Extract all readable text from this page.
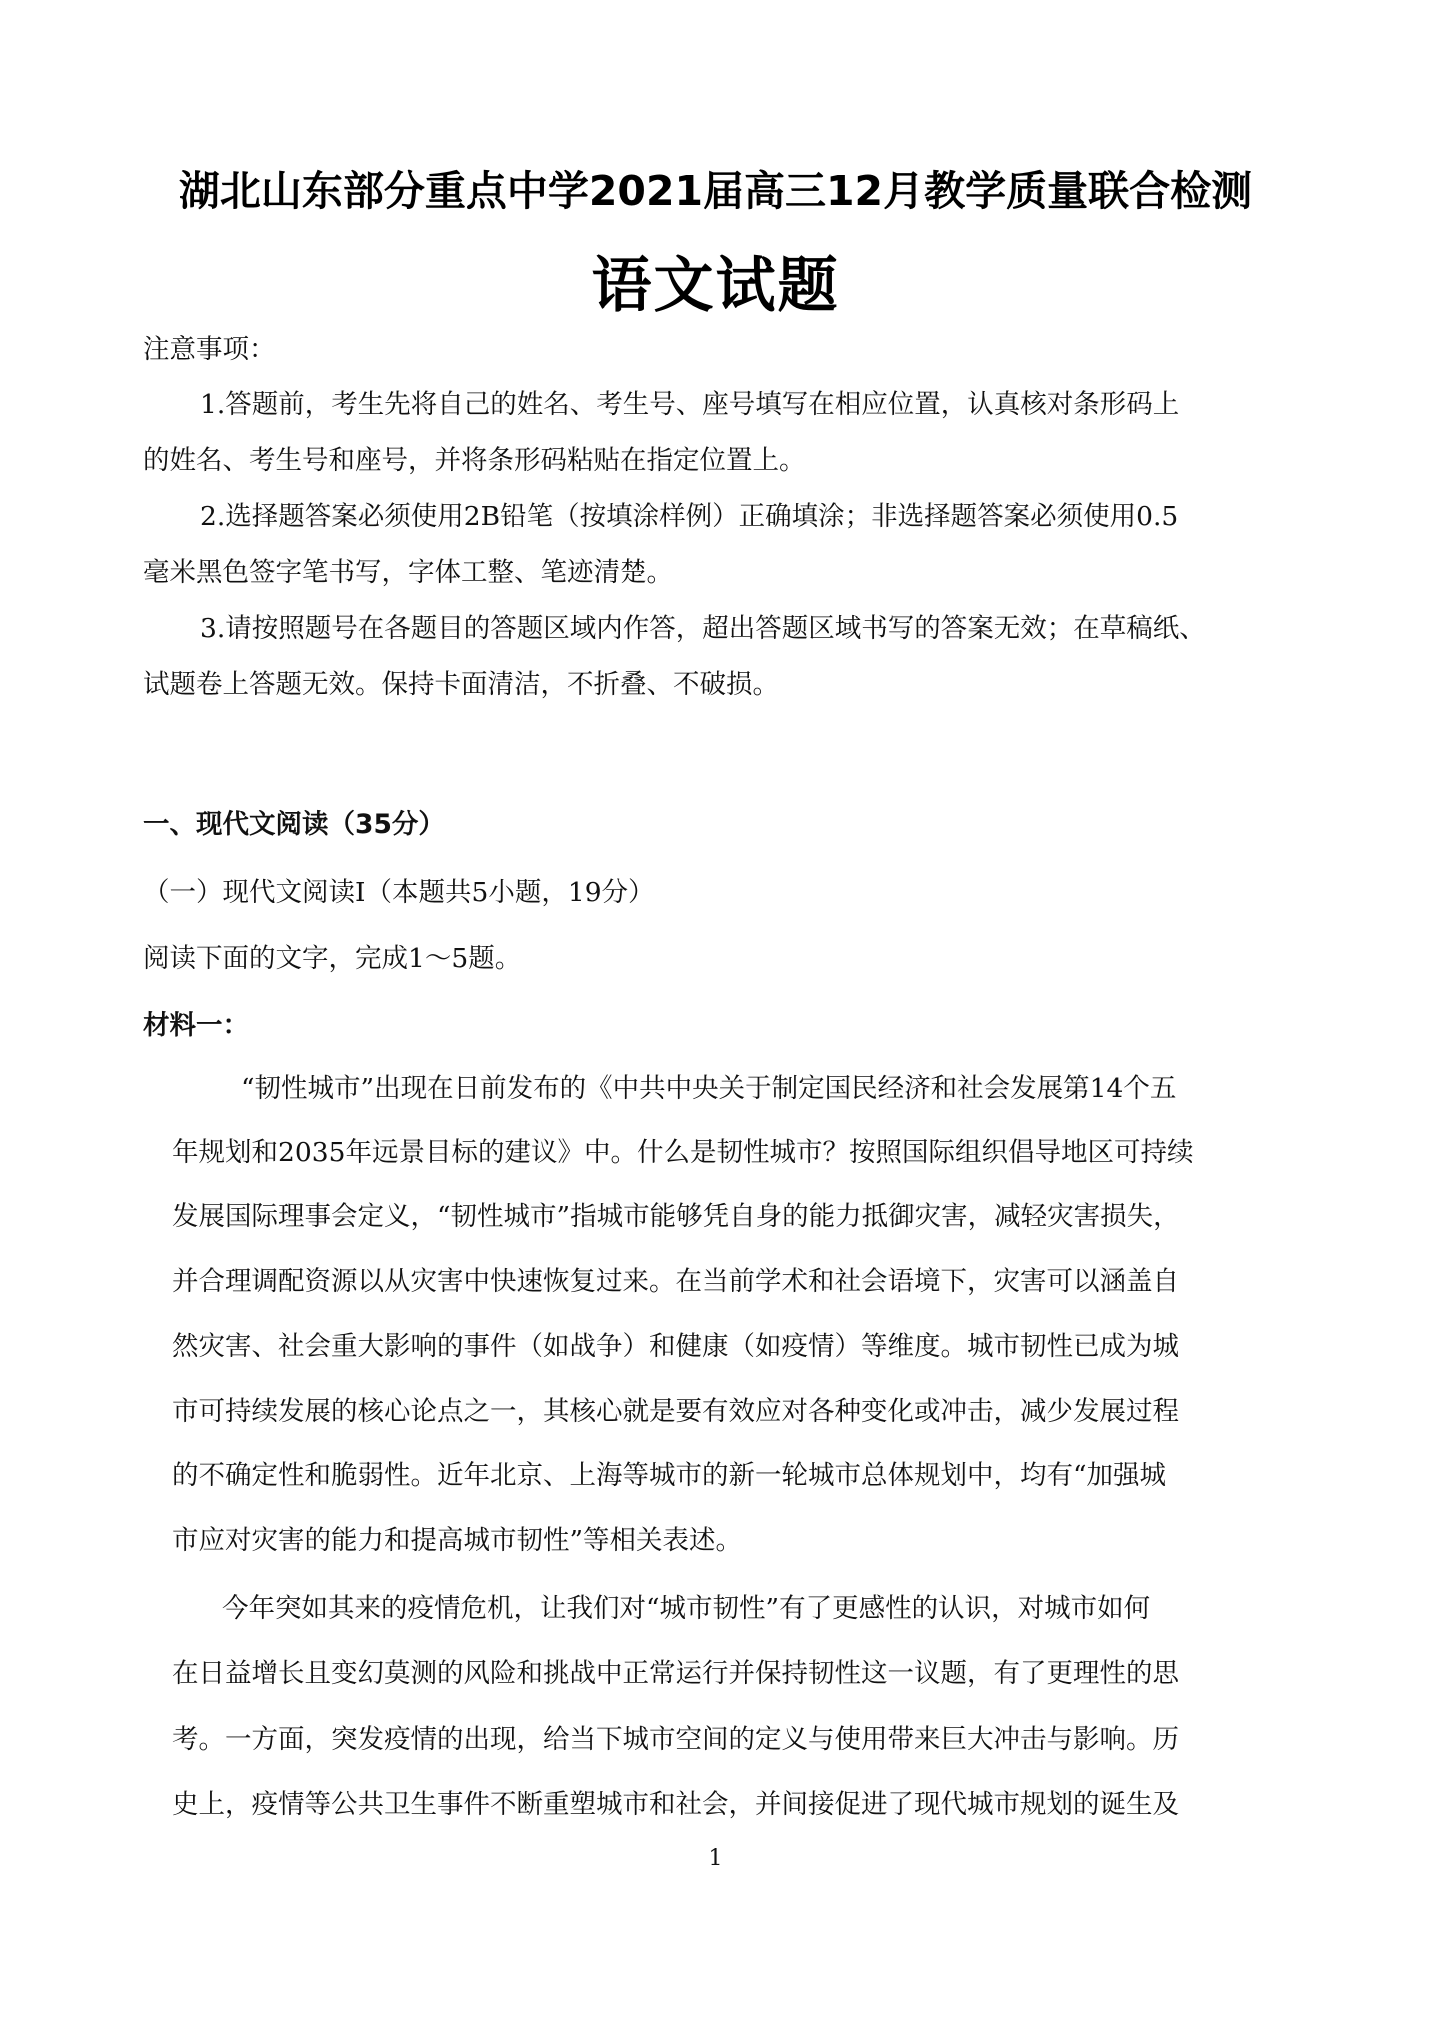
湖北山东部分重点中学2021届高三12月教学质量联合检测
语文试题
注意事项：
1.答题前，考生先将自己的姓名、考生号、座号填写在相应位置，认真核对条形码上
的姓名、考生号和座号，并将条形码粘贴在指定位置上。
2.选择题答案必须使用2B铅笔（按填涂样例）正确填涂；非选择题答案必须使用0.5
毫米黑色签字笔书写，字体工整、笔迹清楚。
3.请按照题号在各题目的答题区域内作答，超出答题区域书写的答案无效；在草稿纸、
试题卷上答题无效。保持卡面清洁，不折叠、不破损。
一、现代文阅读（35分）
（一）现代文阅读Ⅰ（本题共5小题，19分）
阅读下面的文字，完成1～5题。
材料一：
“韧性城市”出现在日前发布的《中共中央关于制定国民经济和社会发展第14个五
年规划和2035年远景目标的建议》中。什么是韧性城市？按照国际组织倡导地区可持续
发展国际理事会定义，“韧性城市”指城市能够凭自身的能力抵御灾害，减轻灾害损失，
并合理调配资源以从灾害中快速恢复过来。在当前学术和社会语境下，灾害可以涵盖自
然灾害、社会重大影响的事件（如战争）和健康（如疫情）等维度。城市韧性已成为城
市可持续发展的核心论点之一，其核心就是要有效应对各种变化或冲击，减少发展过程
的不确定性和脆弱性。近年北京、上海等城市的新一轮城市总体规划中，均有“加强城
市应对灾害的能力和提高城市韧性”等相关表述。
今年突如其来的疫情危机，让我们对“城市韧性”有了更感性的认识，对城市如何
在日益增长且变幻莫测的风险和挑战中正常运行并保持韧性这一议题，有了更理性的思
考。一方面，突发疫情的出现，给当下城市空间的定义与使用带来巨大冲击与影响。历
史上，疫情等公共卫生事件不断重塑城市和社会，并间接促进了现代城市规划的诞生及
1
